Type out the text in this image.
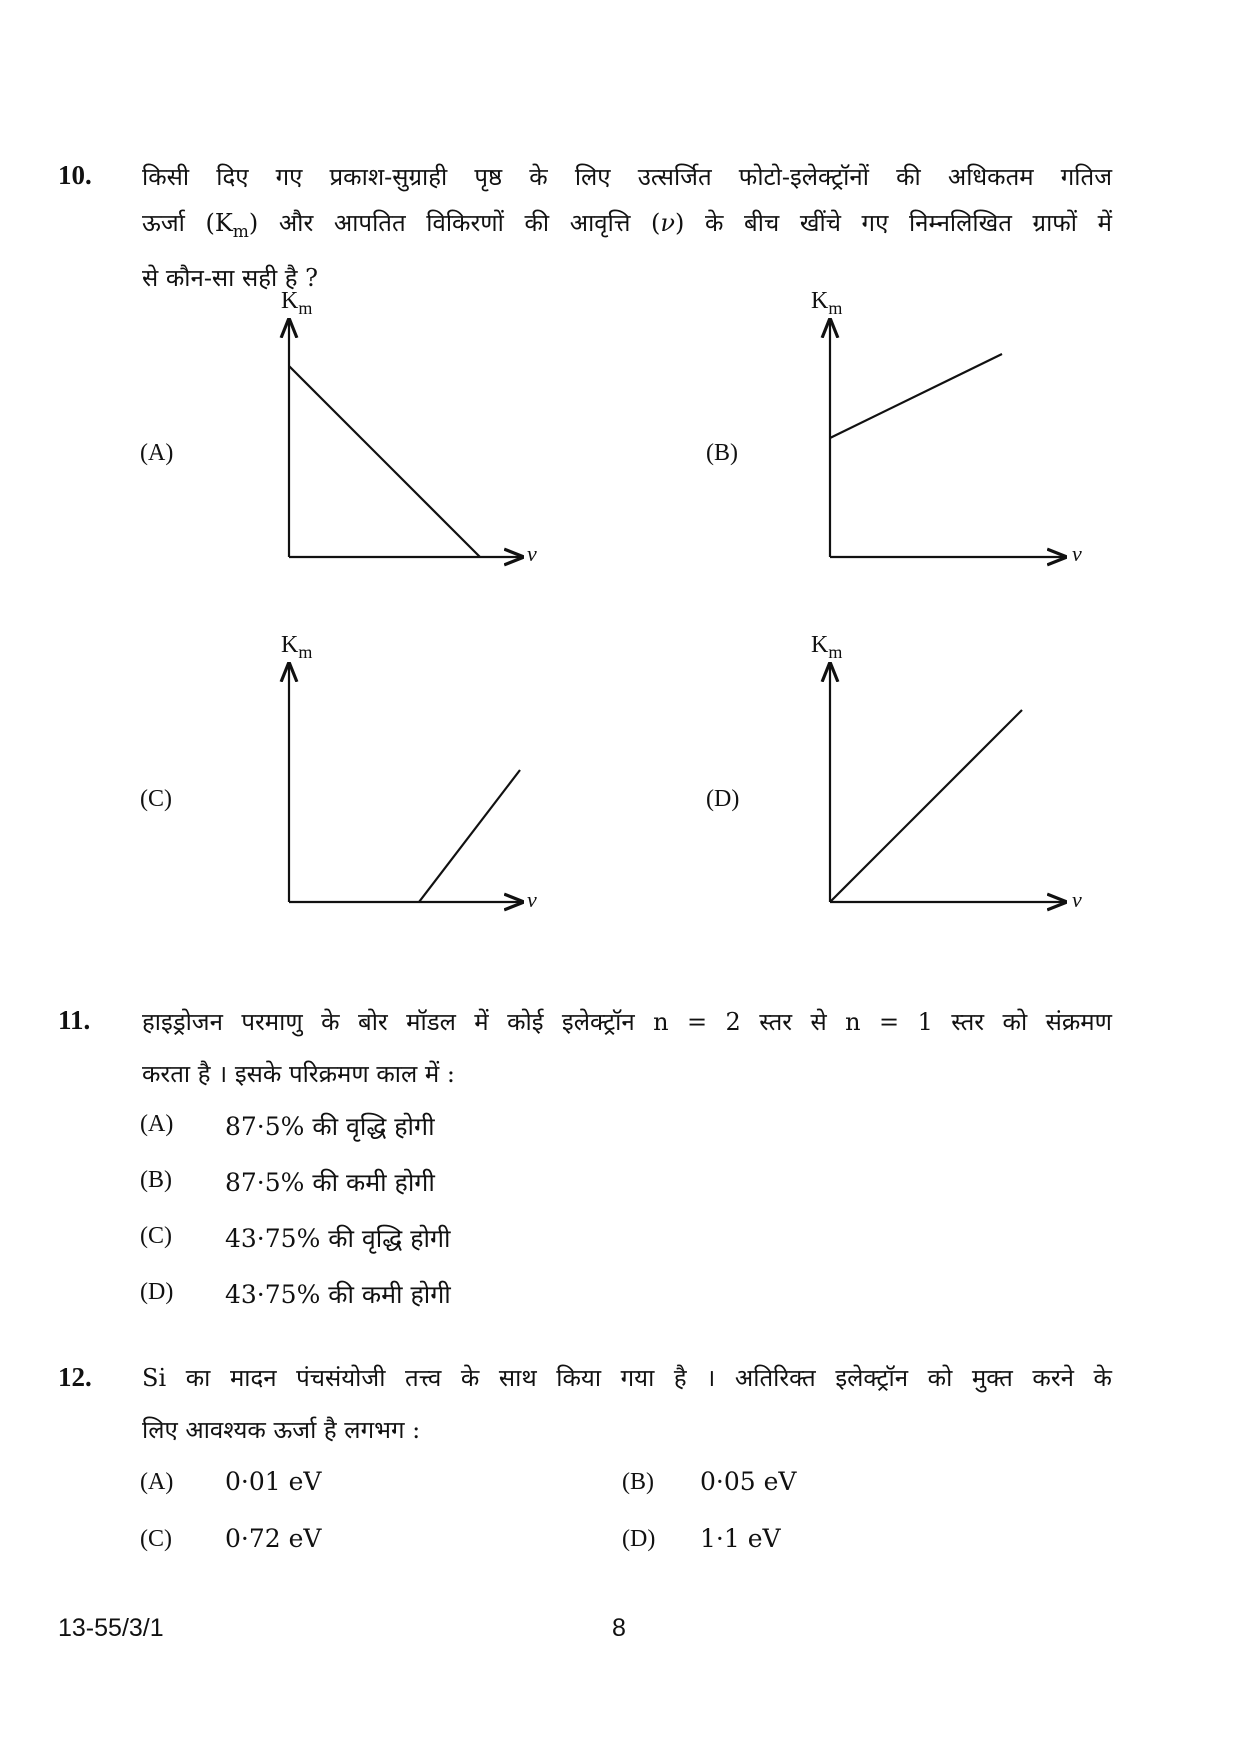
10. किसी दिए गए प्रकाश-सुग्राही पृष्ठ के लिए उत्सर्जित फोटो-इलेक्ट्रॉनों की अधिकतम गतिज
ऊर्जा $(K_m)$ और आपतित विकिरणों की आवृत्ति (ν) के बीच खींचे गए निम्नलिखित ग्राफों में
से कौन-सा सही है ?
(A)	(B)
(C)	(D)
$K_m$	$K_m$
$K_m$	$K_m$
ν	ν
ν	ν
11. हाइड्रोजन परमाणु के बोर मॉडल में कोई इलेक्ट्रॉन n = 2 स्तर से n = 1 स्तर को संक्रमण
करता है । इसके परिक्रमण काल में :
(A) 87·5% की वृद्धि होगी
(B) 87·5% की कमी होगी
(C) 43·75% की वृद्धि होगी
(D) 43·75% की कमी होगी
12. Si का मादन पंचसंयोजी तत्त्व के साथ किया गया है । अतिरिक्त इलेक्ट्रॉन को मुक्त करने के
लिए आवश्यक ऊर्जा है लगभग :
(A) 0·01 eV	(B) 0·05 eV
(C) 0·72 eV	(D) 1·1 eV
13-55/3/1	8
